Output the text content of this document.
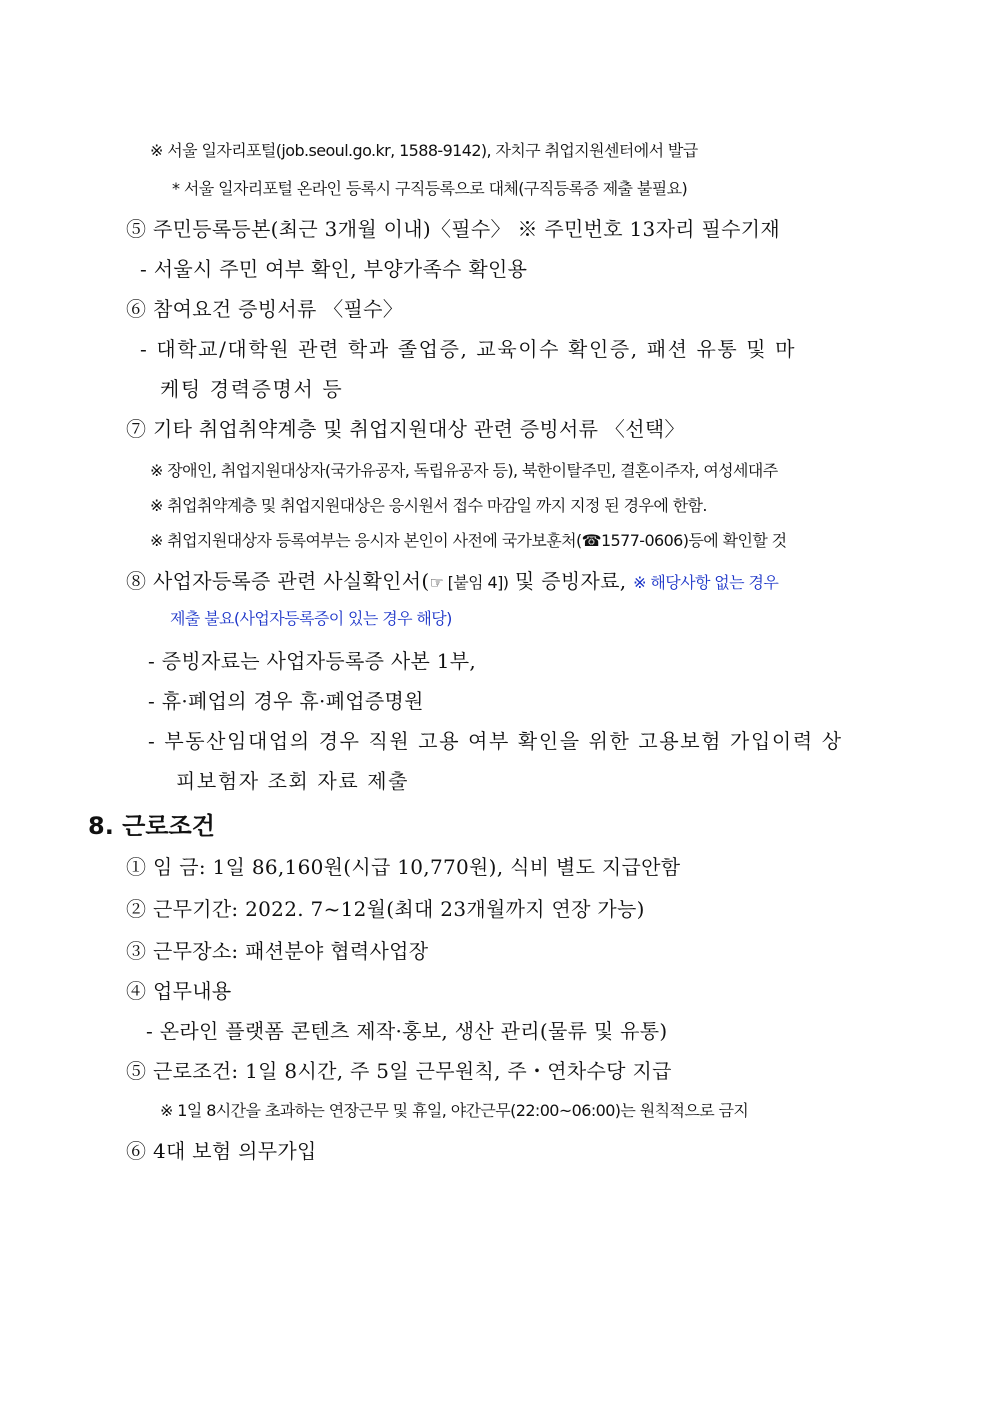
※ 서울 일자리포털(job.seoul.go.kr, 1588-9142), 자치구 취업지원센터에서 발급
* 서울 일자리포털 온라인 등록시 구직등록으로 대체(구직등록증 제출 불필요)
⑤ 주민등록등본(최근 3개월 이내)〈필수〉 ※ 주민번호 13자리 필수기재
- 서울시 주민 여부 확인, 부양가족수 확인용
⑥ 참여요건 증빙서류 〈필수〉
- 대학교/대학원 관련 학과 졸업증, 교육이수 확인증, 패션 유통 및 마
케팅 경력증명서 등
⑦ 기타 취업취약계층 및 취업지원대상 관련 증빙서류 〈선택〉
※ 장애인, 취업지원대상자(국가유공자, 독립유공자 등), 북한이탈주민, 결혼이주자, 여성세대주
※ 취업취약계층 및 취업지원대상은 응시원서 접수 마감일 까지 지정 된 경우에 한함.
※ 취업지원대상자 등록여부는 응시자 본인이 사전에 국가보훈처(☎1577-0606)등에 확인할 것
⑧ 사업자등록증 관련 사실확인서(☞ [붙임 4]) 및 증빙자료, ※ 해당사항 없는 경우
제출 불요(사업자등록증이 있는 경우 해당)
- 증빙자료는 사업자등록증 사본 1부,
- 휴·폐업의 경우 휴·폐업증명원
- 부동산임대업의 경우 직원 고용 여부 확인을 위한 고용보험 가입이력 상
피보험자 조회 자료 제출
8. 근로조건
① 임 금: 1일 86,160원(시급 10,770원), 식비 별도 지급안함
② 근무기간: 2022. 7~12월(최대 23개월까지 연장 가능)
③ 근무장소: 패션분야 협력사업장
④ 업무내용
- 온라인 플랫폼 콘텐츠 제작·홍보, 생산 관리(물류 및 유통)
⑤ 근로조건: 1일 8시간, 주 5일 근무원칙, 주・연차수당 지급
※ 1일 8시간을 초과하는 연장근무 및 휴일, 야간근무(22:00~06:00)는 원칙적으로 금지
⑥ 4대 보험 의무가입
